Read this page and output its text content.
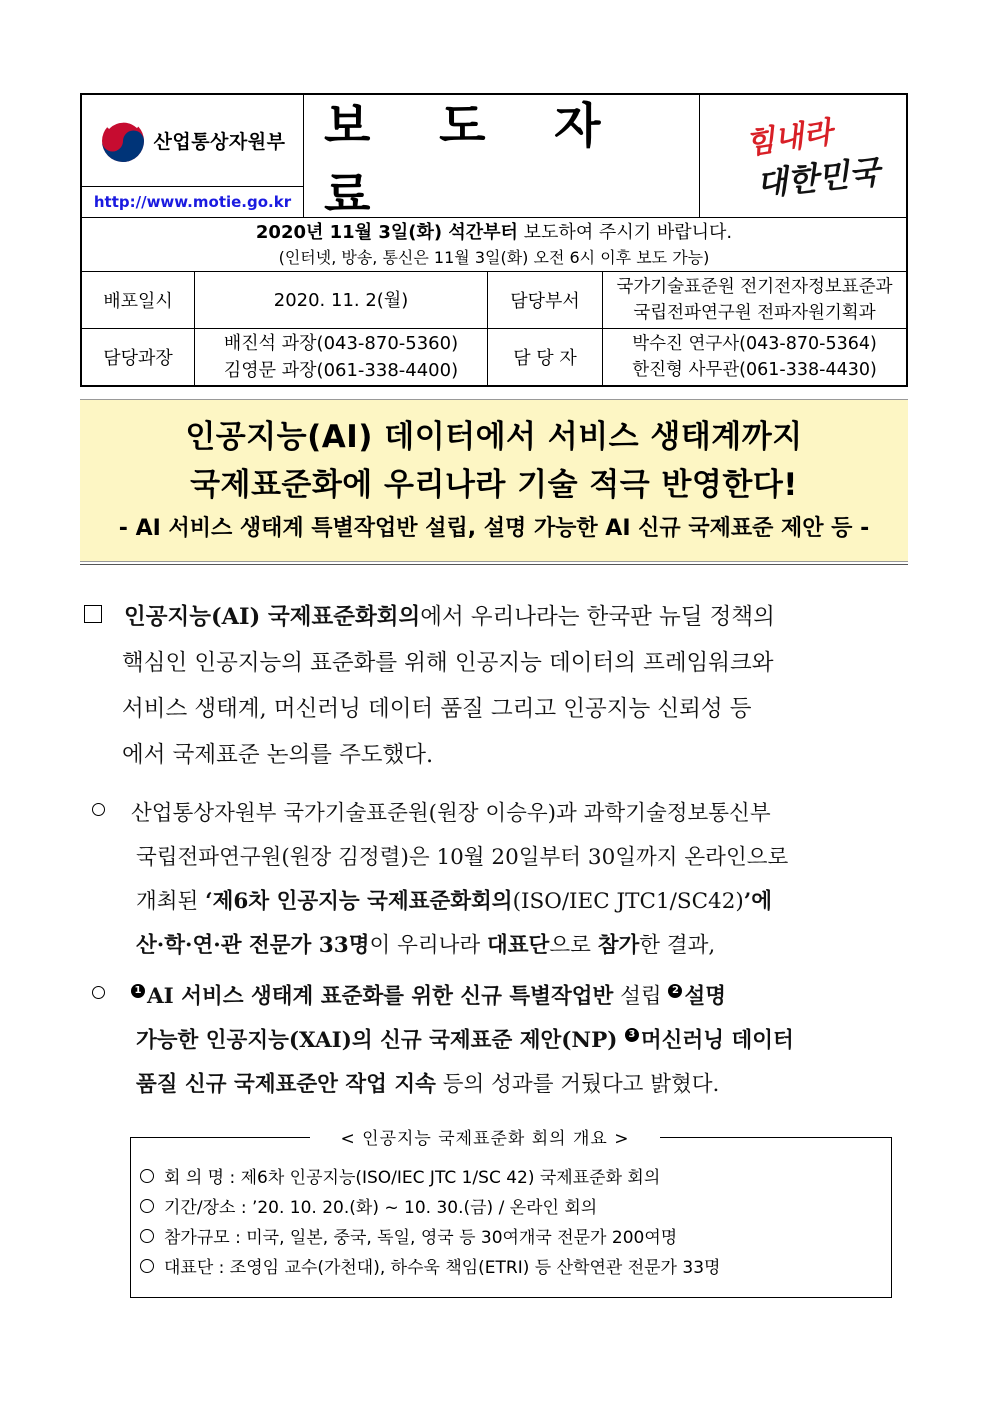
산업통상자원부
http://www.motie.go.kr
보 도 자 료
힘내라
대한민국
2020년 11월 3일(화) 석간부터 보도하여 주시기 바랍니다.
(인터넷, 방송, 통신은 11월 3일(화) 오전 6시 이후 보도 가능)
배포일시	2020. 11. 2(월)	담당부서
국가기술표준원 전기전자정보표준과
국립전파연구원 전파자원기획과
담당과장
배진석 과장(043-870-5360)
김영문 과장(061-338-4400)
담 당 자
박수진 연구사(043-870-5364)
한진형 사무관(061-338-4430)
인공지능(AI) 데이터에서 서비스 생태계까지
국제표준화에 우리나라 기술 적극 반영한다!
- AI 서비스 생태계 특별작업반 설립, 설명 가능한 AI 신규 국제표준 제안 등 -
인공지능(AI) 국제표준화회의에서 우리나라는 한국판 뉴딜 정책의
핵심인 인공지능의 표준화를 위해 인공지능 데이터의 프레임워크와
서비스 생태계, 머신러닝 데이터 품질 그리고 인공지능 신뢰성 등
에서 국제표준 논의를 주도했다.
산업통상자원부 국가기술표준원(원장 이승우)과 과학기술정보통신부
국립전파연구원(원장 김정렬)은 10월 20일부터 30일까지 온라인으로
개최된 ‘제6차 인공지능 국제표준화회의(ISO/IEC JTC1/SC42)’에
산·학·연·관 전문가 33명이 우리나라 대표단으로 참가한 결과,
1 AI 서비스 생태계 표준화를 위한 신규 특별작업반 설립 2 설명
가능한 인공지능(XAI)의 신규 국제표준 제안(NP) 3 머신러닝 데이터
품질 신규 국제표준안 작업 지속 등의 성과를 거뒀다고 밝혔다.
< 인공지능 국제표준화 회의 개요 >
회 의 명 : 제6차 인공지능(ISO/IEC JTC 1/SC 42) 국제표준화 회의
기간/장소 : ’20. 10. 20.(화) ~ 10. 30.(금) / 온라인 회의
참가규모 : 미국, 일본, 중국, 독일, 영국 등 30여개국 전문가 200여명
대표단 : 조영임 교수(가천대), 하수욱 책임(ETRI) 등 산학연관 전문가 33명
